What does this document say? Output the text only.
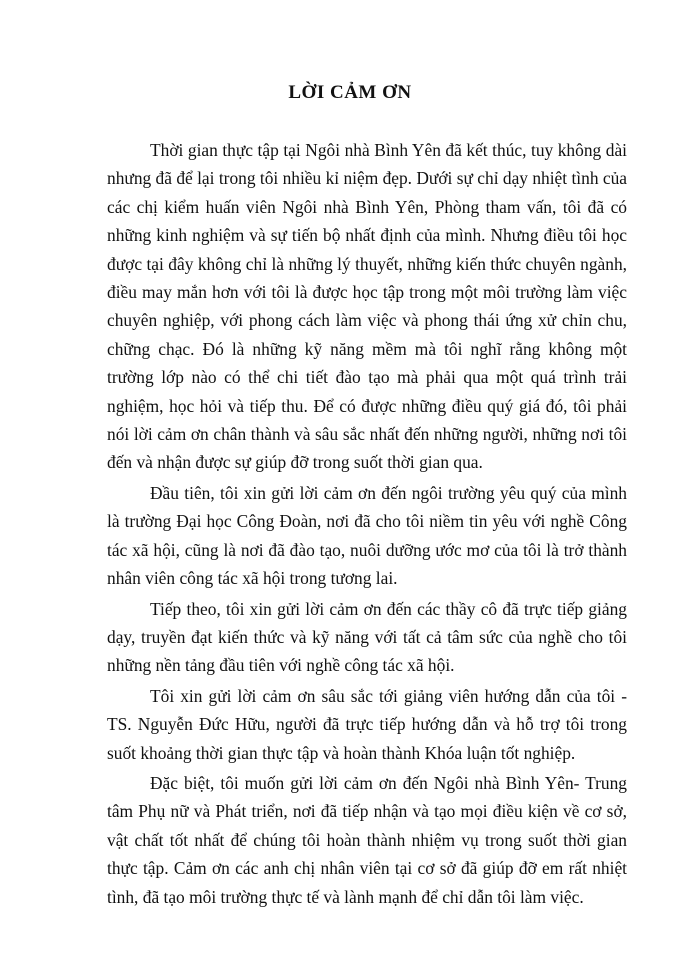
LỜI CẢM ƠN

Thời gian thực tập tại Ngôi nhà Bình Yên đã kết thúc, tuy không dài nhưng đã để lại trong tôi nhiều kỉ niệm đẹp. Dưới sự chỉ dạy nhiệt tình của các chị kiểm huấn viên Ngôi nhà Bình Yên, Phòng tham vấn, tôi đã có những kinh nghiệm và sự tiến bộ nhất định của mình. Nhưng điều tôi học được tại đây không chỉ là những lý thuyết, những kiến thức chuyên ngành, điều may mắn hơn với tôi là được học tập trong một môi trường làm việc chuyên nghiệp, với phong cách làm việc và phong thái ứng xử chỉn chu, chững chạc. Đó là những kỹ năng mềm mà tôi nghĩ rằng không một trường lớp nào có thể chi tiết đào tạo mà phải qua một quá trình trải nghiệm, học hỏi và tiếp thu. Để có được những điều quý giá đó, tôi phải nói lời cảm ơn chân thành và sâu sắc nhất đến những người, những nơi tôi đến và nhận được sự giúp đỡ trong suốt thời gian qua.

Đầu tiên, tôi xin gửi lời cảm ơn đến ngôi trường yêu quý của mình là trường Đại học Công Đoàn, nơi đã cho tôi niềm tin yêu với nghề Công tác xã hội, cũng là nơi đã đào tạo, nuôi dưỡng ước mơ của tôi là trở thành nhân viên công tác xã hội trong tương lai.

Tiếp theo, tôi xin gửi lời cảm ơn đến các thầy cô đã trực tiếp giảng dạy, truyền đạt kiến thức và kỹ năng với tất cả tâm sức của nghề cho tôi những nền tảng đầu tiên với nghề công tác xã hội.

Tôi xin gửi lời cảm ơn sâu sắc tới giảng viên hướng dẫn của tôi - TS. Nguyễn Đức Hữu, người đã trực tiếp hướng dẫn và hỗ trợ tôi trong suốt khoảng thời gian thực tập và hoàn thành Khóa luận tốt nghiệp.

Đặc biệt, tôi muốn gửi lời cảm ơn đến Ngôi nhà Bình Yên- Trung tâm Phụ nữ và Phát triển, nơi đã tiếp nhận và tạo mọi điều kiện về cơ sở, vật chất tốt nhất để chúng tôi hoàn thành nhiệm vụ trong suốt thời gian thực tập. Cảm ơn các anh chị nhân viên tại cơ sở đã giúp đỡ em rất nhiệt tình, đã tạo môi trường thực tế và lành mạnh để chỉ dẫn tôi làm việc.
